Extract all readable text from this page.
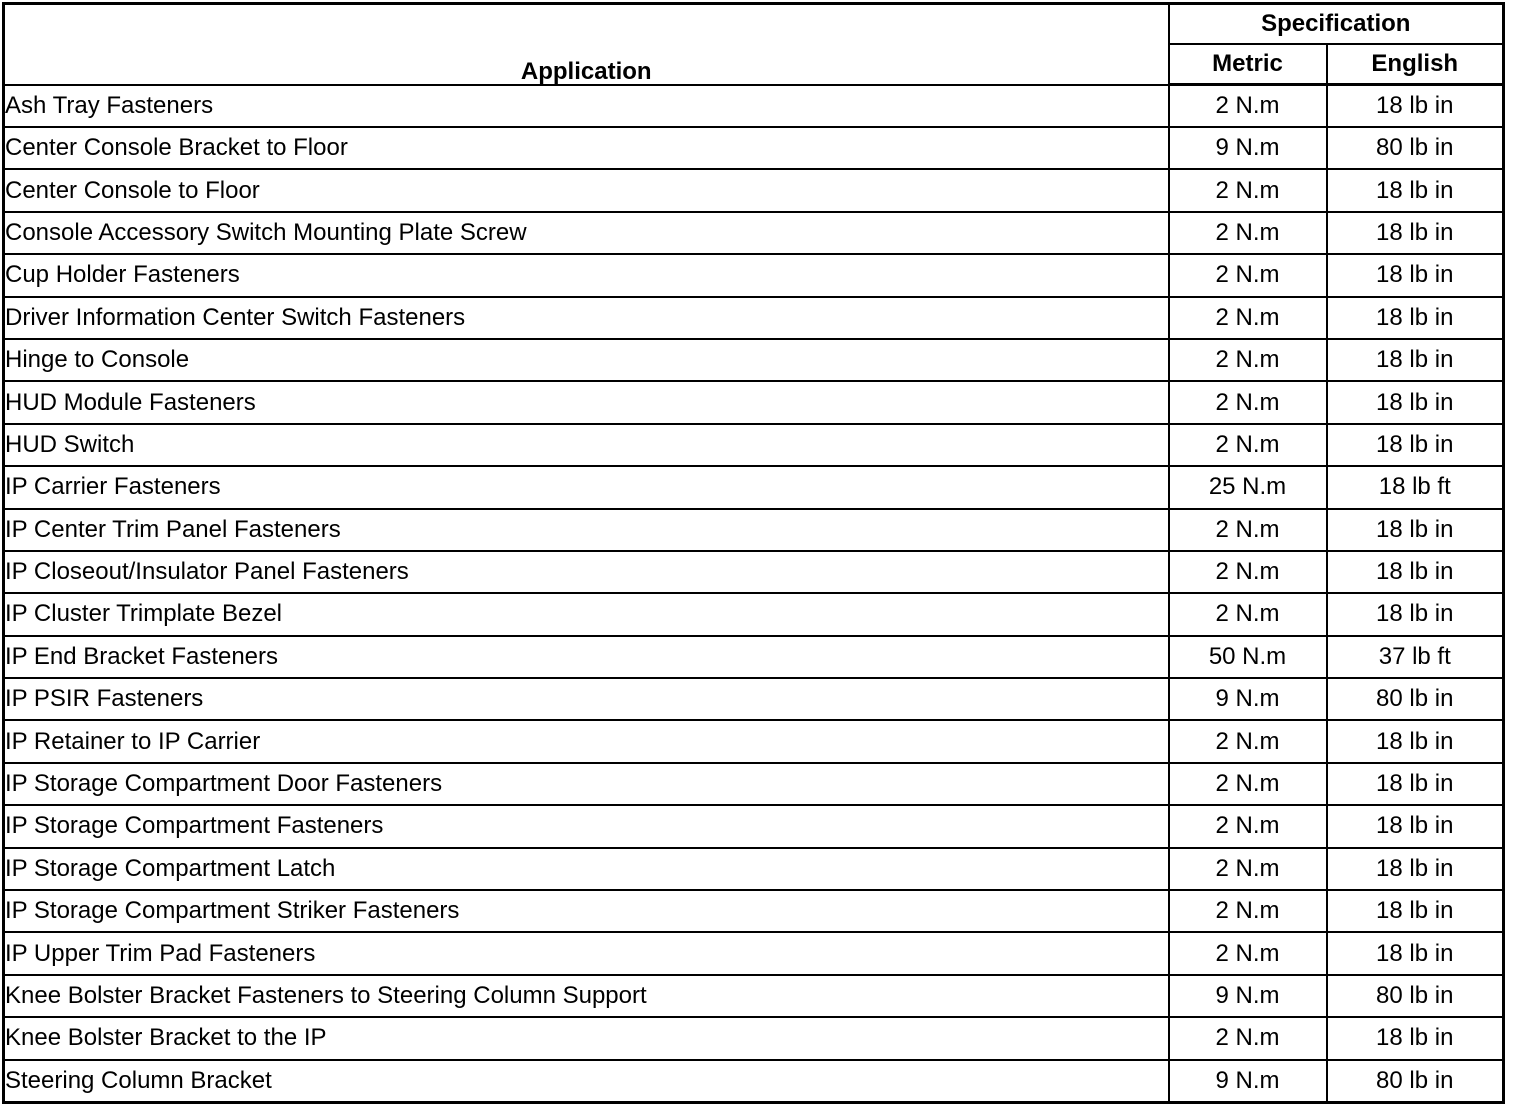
Application	Specification	
	Metric	English
Ash Tray Fasteners	2 N.m	18 lb in
Center Console Bracket to Floor	9 N.m	80 lb in
Center Console to Floor	2 N.m	18 lb in
Console Accessory Switch Mounting Plate Screw	2 N.m	18 lb in
Cup Holder Fasteners	2 N.m	18 lb in
Driver Information Center Switch Fasteners	2 N.m	18 lb in
Hinge to Console	2 N.m	18 lb in
HUD Module Fasteners	2 N.m	18 lb in
HUD Switch	2 N.m	18 lb in
IP Carrier Fasteners	25 N.m	18 lb ft
IP Center Trim Panel Fasteners	2 N.m	18 lb in
IP Closeout/Insulator Panel Fasteners	2 N.m	18 lb in
IP Cluster Trimplate Bezel	2 N.m	18 lb in
IP End Bracket Fasteners	50 N.m	37 lb ft
IP PSIR Fasteners	9 N.m	80 lb in
IP Retainer to IP Carrier	2 N.m	18 lb in
IP Storage Compartment Door Fasteners	2 N.m	18 lb in
IP Storage Compartment Fasteners	2 N.m	18 lb in
IP Storage Compartment Latch	2 N.m	18 lb in
IP Storage Compartment Striker Fasteners	2 N.m	18 lb in
IP Upper Trim Pad Fasteners	2 N.m	18 lb in
Knee Bolster Bracket Fasteners to Steering Column Support	9 N.m	80 lb in
Knee Bolster Bracket to the IP	2 N.m	18 lb in
Steering Column Bracket	9 N.m	80 lb in
